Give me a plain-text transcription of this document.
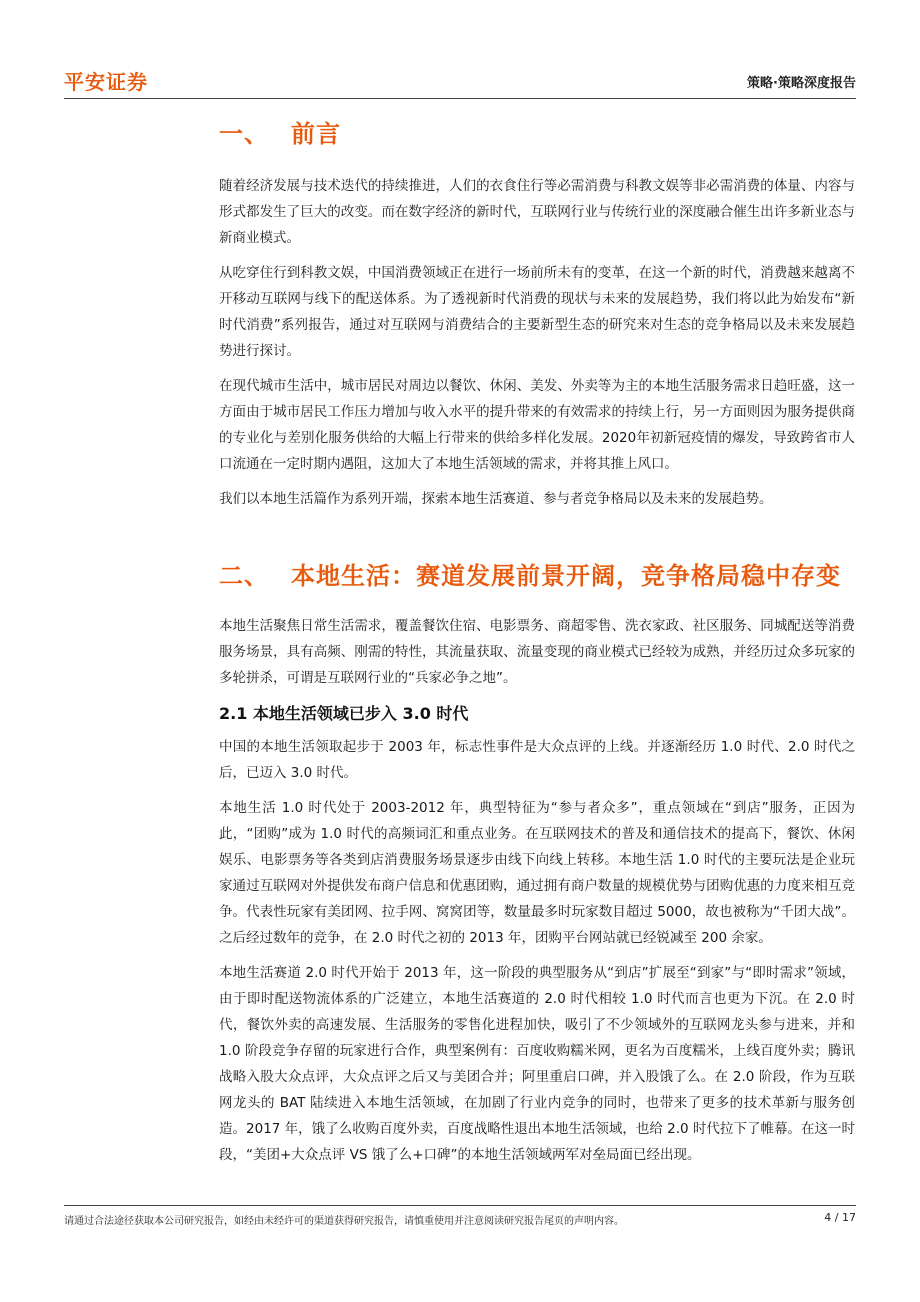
平安证券	策略·策略深度报告
一、 前言

随着经济发展与技术迭代的持续推进，人们的衣食住行等必需消费与科教文娱等非必需消费的体量、内容与形式都发生了巨大的改变。而在数字经济的新时代，互联网行业与传统行业的深度融合催生出许多新业态与新商业模式。

从吃穿住行到科教文娱，中国消费领域正在进行一场前所未有的变革，在这一个新的时代，消费越来越离不开移动互联网与线下的配送体系。为了透视新时代消费的现状与未来的发展趋势，我们将以此为始发布“新时代消费”系列报告，通过对互联网与消费结合的主要新型生态的研究来对生态的竞争格局以及未来发展趋势进行探讨。

在现代城市生活中，城市居民对周边以餐饮、休闲、美发、外卖等为主的本地生活服务需求日趋旺盛，这一方面由于城市居民工作压力增加与收入水平的提升带来的有效需求的持续上行，另一方面则因为服务提供商的专业化与差别化服务供给的大幅上行带来的供给多样化发展。2020年初新冠疫情的爆发，导致跨省市人口流通在一定时期内遇阻，这加大了本地生活领域的需求，并将其推上风口。

我们以本地生活篇作为系列开端，探索本地生活赛道、参与者竞争格局以及未来的发展趋势。

二、 本地生活：赛道发展前景开阔，竞争格局稳中存变

本地生活聚焦日常生活需求，覆盖餐饮住宿、电影票务、商超零售、洗衣家政、社区服务、同城配送等消费服务场景，具有高频、刚需的特性，其流量获取、流量变现的商业模式已经较为成熟，并经历过众多玩家的多轮拼杀，可谓是互联网行业的“兵家必争之地”。

2.1 本地生活领域已步入 3.0 时代

中国的本地生活领取起步于 2003 年，标志性事件是大众点评的上线。并逐渐经历 1.0 时代、2.0 时代之后，已迈入 3.0 时代。

本地生活 1.0 时代处于 2003-2012 年，典型特征为“参与者众多”，重点领域在“到店”服务，正因为此，“团购”成为 1.0 时代的高频词汇和重点业务。在互联网技术的普及和通信技术的提高下，餐饮、休闲娱乐、电影票务等各类到店消费服务场景逐步由线下向线上转移。本地生活 1.0 时代的主要玩法是企业玩家通过互联网对外提供发布商户信息和优惠团购，通过拥有商户数量的规模优势与团购优惠的力度来相互竞争。代表性玩家有美团网、拉手网、窝窝团等，数量最多时玩家数目超过 5000，故也被称为“千团大战”。之后经过数年的竞争，在 2.0 时代之初的 2013 年，团购平台网站就已经锐减至 200 余家。

本地生活赛道 2.0 时代开始于 2013 年，这一阶段的典型服务从“到店”扩展至“到家”与“即时需求”领域，由于即时配送物流体系的广泛建立，本地生活赛道的 2.0 时代相较 1.0 时代而言也更为下沉。在 2.0 时代，餐饮外卖的高速发展、生活服务的零售化进程加快，吸引了不少领域外的互联网龙头参与进来，并和 1.0 阶段竞争存留的玩家进行合作，典型案例有：百度收购糯米网，更名为百度糯米，上线百度外卖；腾讯战略入股大众点评，大众点评之后又与美团合并；阿里重启口碑，并入股饿了么。在 2.0 阶段，作为互联网龙头的 BAT 陆续进入本地生活领域，在加剧了行业内竞争的同时，也带来了更多的技术革新与服务创造。2017 年，饿了么收购百度外卖，百度战略性退出本地生活领域，也给 2.0 时代拉下了帷幕。在这一时段，“美团+大众点评 VS 饿了么+口碑”的本地生活领域两军对垒局面已经出现。

请通过合法途径获取本公司研究报告，如经由未经许可的渠道获得研究报告，请慎重使用并注意阅读研究报告尾页的声明内容。	4 / 17
